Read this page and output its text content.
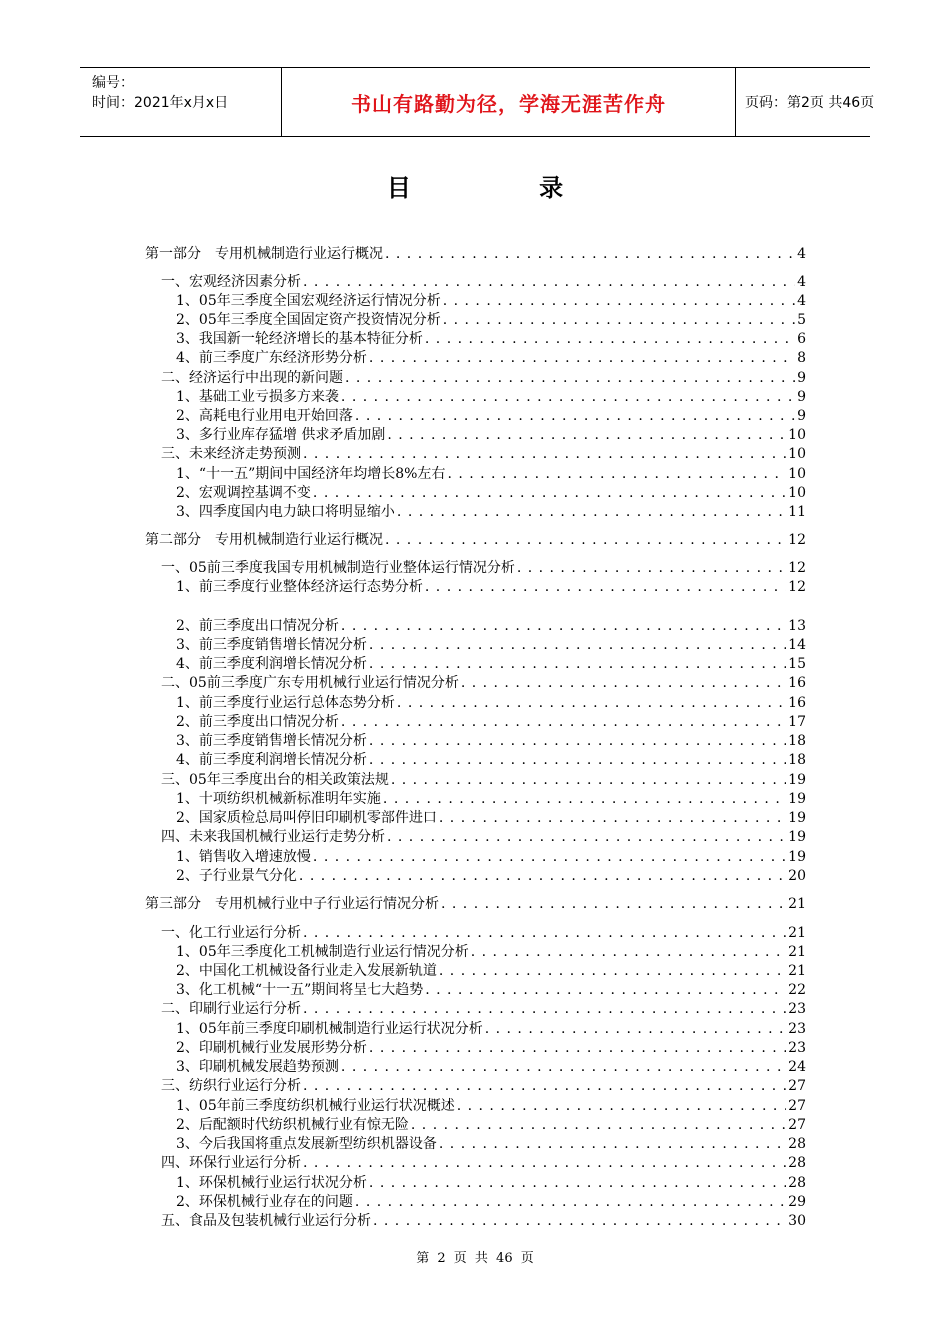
编号：
时间：2021年x月x日	书山有路勤为径，学海无涯苦作舟	页码：第2页 共46页
目 录
第一部分　专用机械制造行业运行概况 . . .	4
一、宏观经济因素分析 . . .	4
1、05年三季度全国宏观经济运行情况分析 . . .	4
2、05年三季度全国固定资产投资情况分析 . . .	5
3、我国新一轮经济增长的基本特征分析 . . .	6
4、前三季度广东经济形势分析 . . .	8
二、经济运行中出现的新问题 . . .	9
1、基础工业亏损多方来袭 . . .	9
2、高耗电行业用电开始回落 . . .	9
3、多行业库存猛增 供求矛盾加剧 . . .	10
三、未来经济走势预测 . . .	10
1、“十一五”期间中国经济年均增长8%左右 . . .	10
2、宏观调控基调不变 . . .	10
3、四季度国内电力缺口将明显缩小 . . .	11
第二部分　专用机械制造行业运行概况 . . .	12
一、05前三季度我国专用机械制造行业整体运行情况分析 . . .	12
1、前三季度行业整体经济运行态势分析 . . .	12
2、前三季度出口情况分析 . . .	13
3、前三季度销售增长情况分析 . . .	14
4、前三季度利润增长情况分析 . . .	15
二、05前三季度广东专用机械行业运行情况分析 . . .	16
1、前三季度行业运行总体态势分析 . . .	16
2、前三季度出口情况分析 . . .	17
3、前三季度销售增长情况分析 . . .	18
4、前三季度利润增长情况分析 . . .	18
三、05年三季度出台的相关政策法规 . . .	19
1、十项纺织机械新标准明年实施 . . .	19
2、国家质检总局叫停旧印刷机零部件进口 . . .	19
四、未来我国机械行业运行走势分析 . . .	19
1、销售收入增速放慢 . . .	19
2、子行业景气分化 . . .	20
第三部分　专用机械行业中子行业运行情况分析 . . .	21
一、化工行业运行分析 . . .	21
1、05年三季度化工机械制造行业运行情况分析 . . .	21
2、中国化工机械设备行业走入发展新轨道 . . .	21
3、化工机械“十一五”期间将呈七大趋势 . . .	22
二、印刷行业运行分析 . . .	23
1、05年前三季度印刷机械制造行业运行状况分析 . . .	23
2、印刷机械行业发展形势分析 . . .	23
3、印刷机械发展趋势预测 . . .	24
三、纺织行业运行分析 . . .	27
1、05年前三季度纺织机械行业运行状况概述 . . .	27
2、后配额时代纺织机械行业有惊无险 . . .	27
3、今后我国将重点发展新型纺织机器设备 . . .	28
四、环保行业运行分析 . . .	28
1、环保机械行业运行状况分析 . . .	28
2、环保机械行业存在的问题 . . .	29
五、食品及包装机械行业运行分析 . . .	30
第 2 页 共 46 页
